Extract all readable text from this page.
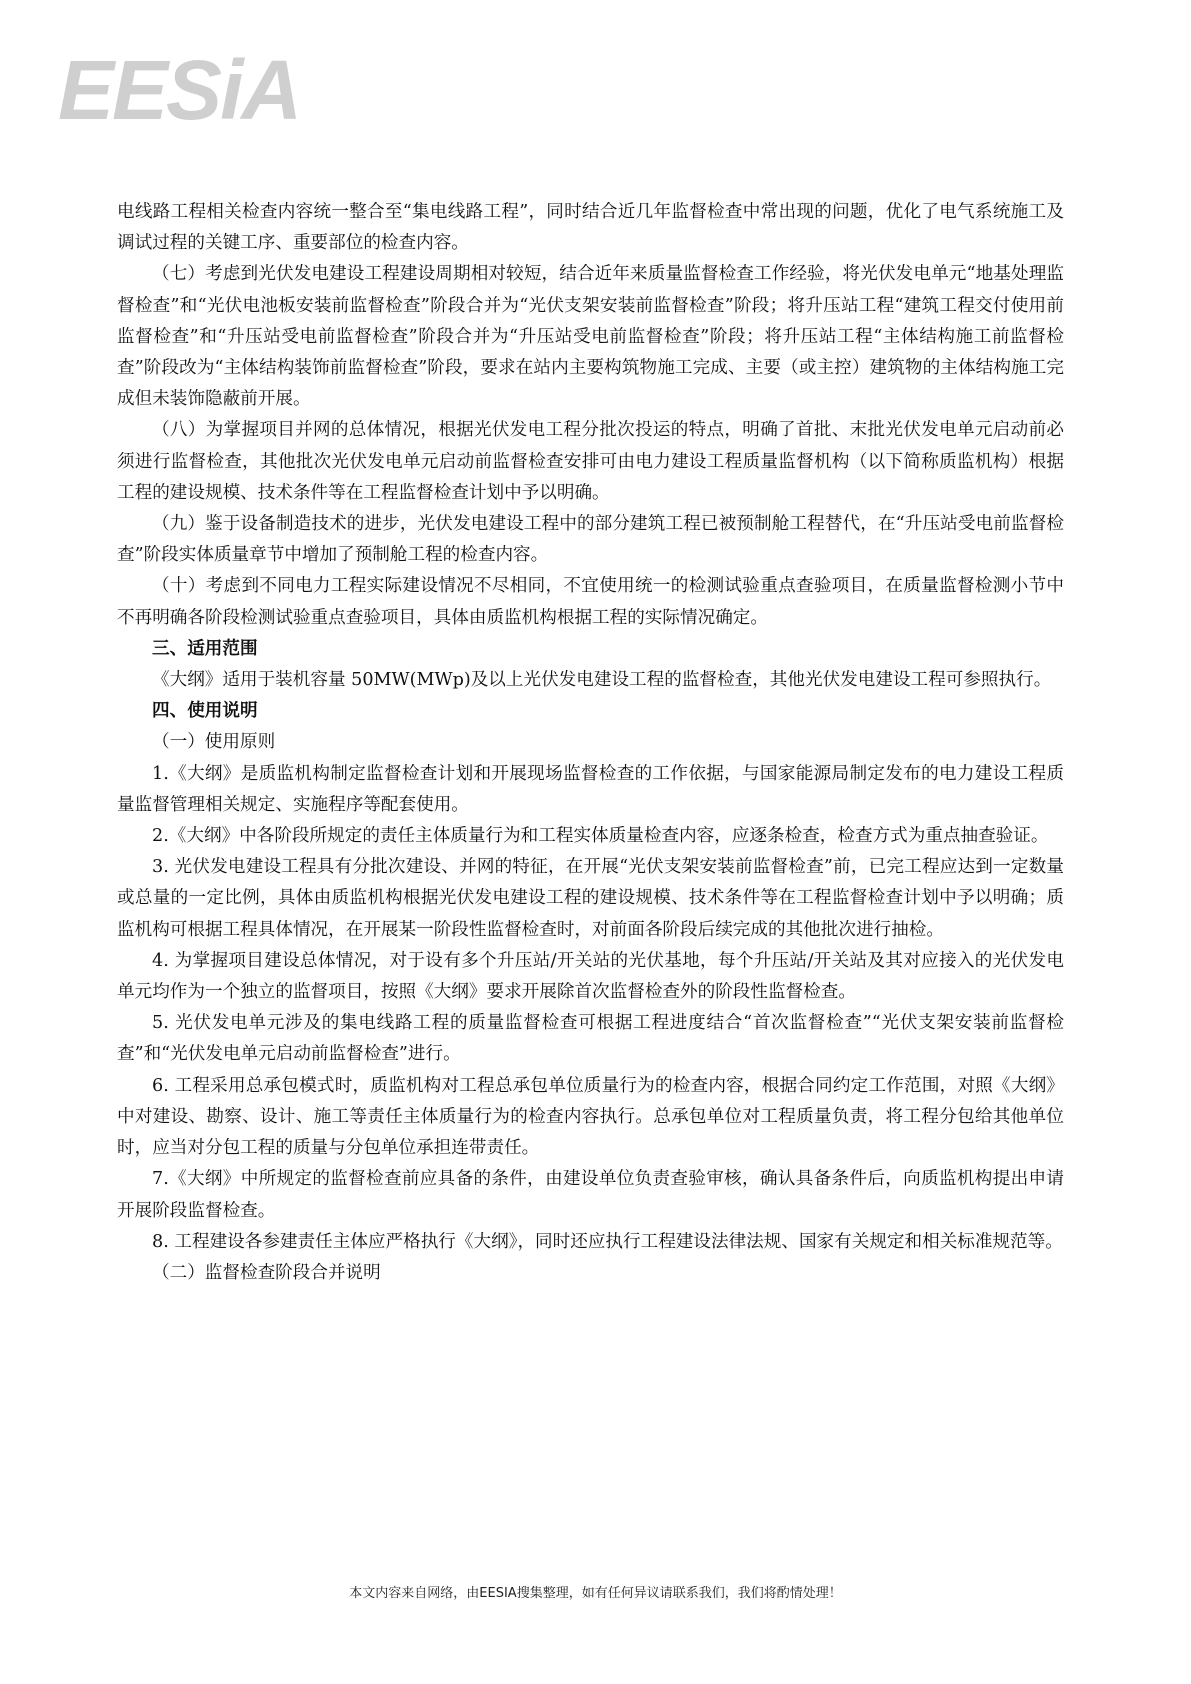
EESiA

电线路工程相关检查内容统一整合至“集电线路工程”，同时结合近几年监督检查中常出现的问题，优化了电气系统施工及调试过程的关键工序、重要部位的检查内容。

（七）考虑到光伏发电建设工程建设周期相对较短，结合近年来质量监督检查工作经验，将光伏发电单元“地基处理监督检查”和“光伏电池板安装前监督检查”阶段合并为“光伏支架安装前监督检查”阶段；将升压站工程“建筑工程交付使用前监督检查”和“升压站受电前监督检查”阶段合并为“升压站受电前监督检查”阶段；将升压站工程“主体结构施工前监督检查”阶段改为“主体结构装饰前监督检查”阶段，要求在站内主要构筑物施工完成、主要（或主控）建筑物的主体结构施工完成但未装饰隐蔽前开展。

（八）为掌握项目并网的总体情况，根据光伏发电工程分批次投运的特点，明确了首批、末批光伏发电单元启动前必须进行监督检查，其他批次光伏发电单元启动前监督检查安排可由电力建设工程质量监督机构（以下简称质监机构）根据工程的建设规模、技术条件等在工程监督检查计划中予以明确。

（九）鉴于设备制造技术的进步，光伏发电建设工程中的部分建筑工程已被预制舱工程替代，在“升压站受电前监督检查”阶段实体质量章节中增加了预制舱工程的检查内容。

（十）考虑到不同电力工程实际建设情况不尽相同，不宜使用统一的检测试验重点查验项目，在质量监督检测小节中不再明确各阶段检测试验重点查验项目，具体由质监机构根据工程的实际情况确定。

三、适用范围

《大纲》适用于装机容量 50MW(MWp)及以上光伏发电建设工程的监督检查，其他光伏发电建设工程可参照执行。

四、使用说明

（一）使用原则

1.《大纲》是质监机构制定监督检查计划和开展现场监督检查的工作依据，与国家能源局制定发布的电力建设工程质量监督管理相关规定、实施程序等配套使用。

2.《大纲》中各阶段所规定的责任主体质量行为和工程实体质量检查内容，应逐条检查，检查方式为重点抽查验证。

3. 光伏发电建设工程具有分批次建设、并网的特征，在开展“光伏支架安装前监督检查”前，已完工程应达到一定数量或总量的一定比例，具体由质监机构根据光伏发电建设工程的建设规模、技术条件等在工程监督检查计划中予以明确；质监机构可根据工程具体情况，在开展某一阶段性监督检查时，对前面各阶段后续完成的其他批次进行抽检。

4. 为掌握项目建设总体情况，对于设有多个升压站/开关站的光伏基地，每个升压站/开关站及其对应接入的光伏发电单元均作为一个独立的监督项目，按照《大纲》要求开展除首次监督检查外的阶段性监督检查。

5. 光伏发电单元涉及的集电线路工程的质量监督检查可根据工程进度结合“首次监督检查”“光伏支架安装前监督检查”和“光伏发电单元启动前监督检查”进行。

6. 工程采用总承包模式时，质监机构对工程总承包单位质量行为的检查内容，根据合同约定工作范围，对照《大纲》中对建设、勘察、设计、施工等责任主体质量行为的检查内容执行。总承包单位对工程质量负责，将工程分包给其他单位时，应当对分包工程的质量与分包单位承担连带责任。

7.《大纲》中所规定的监督检查前应具备的条件，由建设单位负责查验审核，确认具备条件后，向质监机构提出申请开展阶段监督检查。

8. 工程建设各参建责任主体应严格执行《大纲》，同时还应执行工程建设法律法规、国家有关规定和相关标准规范等。

（二）监督检查阶段合并说明

本文内容来自网络，由EESIA搜集整理，如有任何异议请联系我们，我们将酌情处理！
